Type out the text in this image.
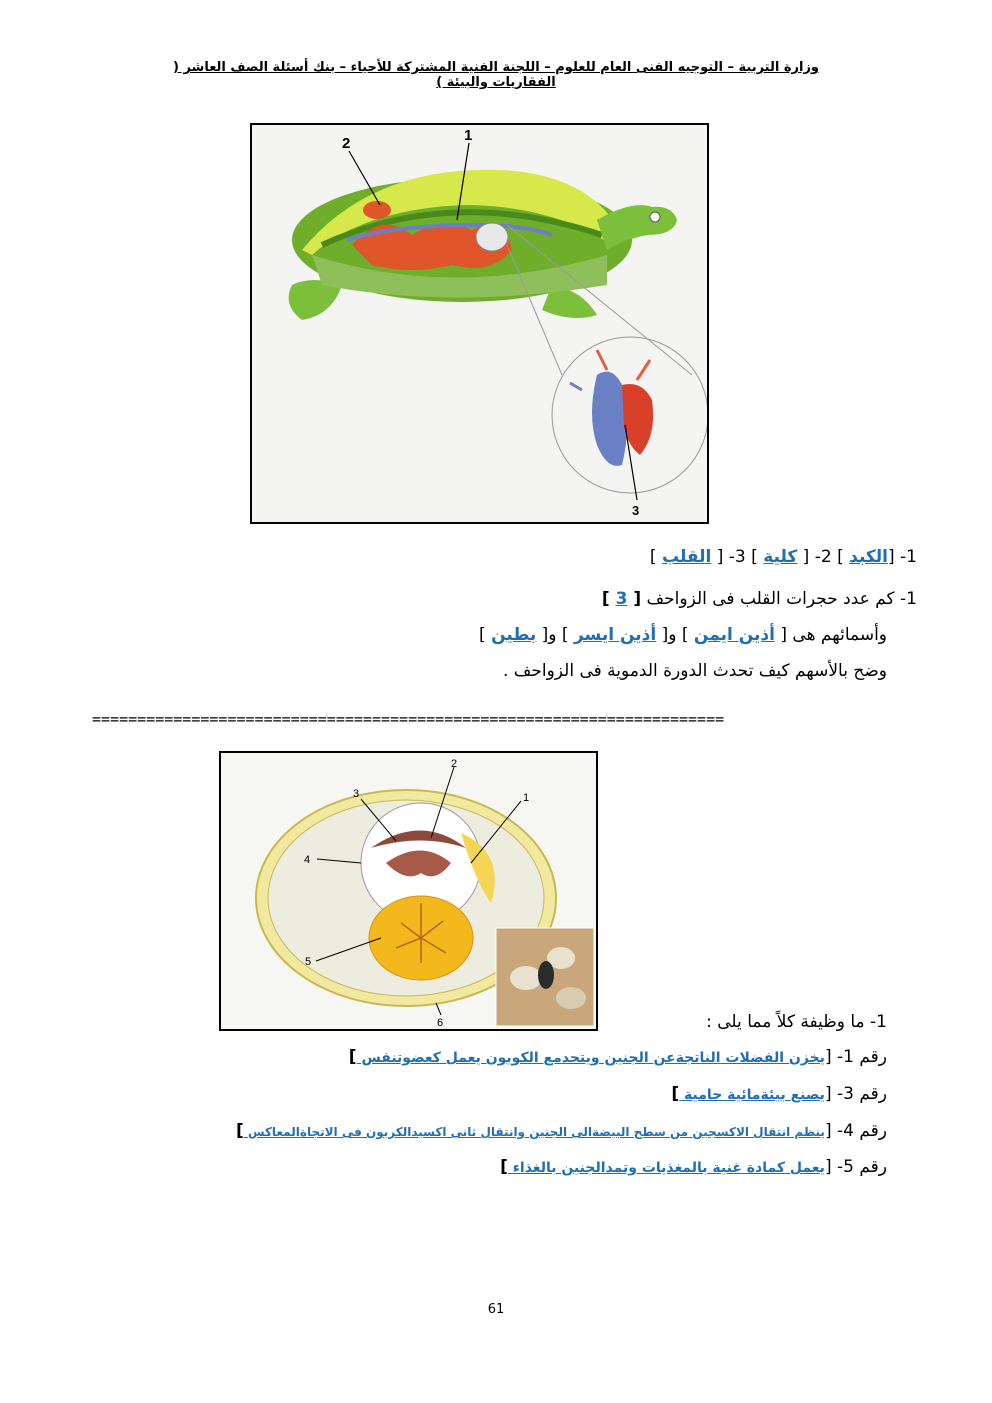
وزارة التربية – التوجيه الفنى العام للعلوم – اللجنة الفنية المشتركة للأحياء – بنك أسئلة الصف العاشر ( الفقاريات والبيئة )
1
2
3
1- [الكبد ] 2- [ كلية ] 3- [ القلب ]
1- كم عدد حجرات القلب فى الزواحف [ 3 ]
وأسمائهم هى [ أذين ايمن ] و[ أذين ايسر ] و[ بطين ]
وضح بالأسهم كيف تحدث الدورة الدموية فى الزواحف .
======================================================================
1
2
3
4
5
6	1- ما وظيفة كلاً مما يلى :
رقم 1- [يخزن الفضلات الناتجةعن الجنين ويتحدمع الكويون يعمل كعضوتنفس ]
رقم 3- [يصنع بيئةمائية حامية ]
رقم 4- [ينظم انتقال الاكسجين من سطح البيضةالى الجنين وانتقال ثانى اكسيدالكربون فى الاتجاةالمعاكس ]
رقم 5- [يعمل كمادة غنية بالمغذيات وتمدالجنين بالغذاء ]
61
